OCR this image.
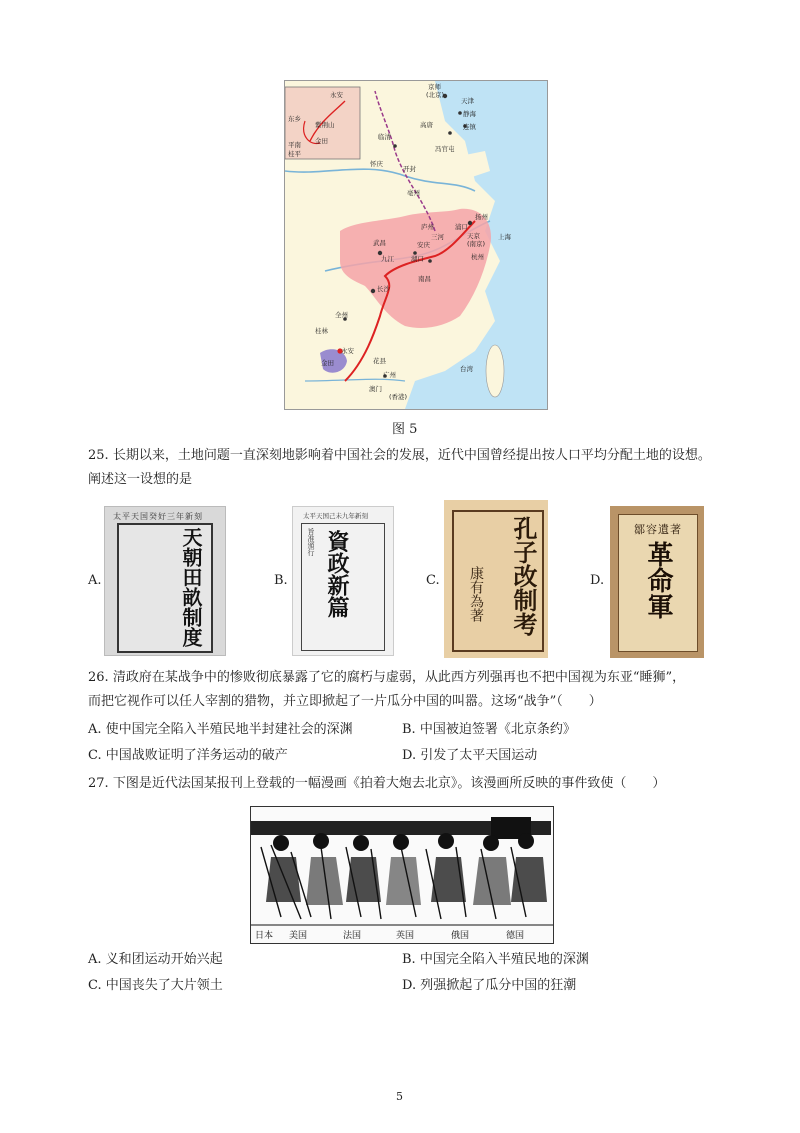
永安
东乡
紫荆山
金田
平南
桂平
京师
(北京)
天津
静海
连镇
临清
高唐
冯官屯
怀庆
开封
亳州
扬州
庐州	浦口
三河	天京
(南京)
上海
武昌	安庆
杭州
九江	湖口
南昌
长沙
全州
桂林
永安
金田	花县
广州
澳门
(香港)
台湾
图 5
25. 长期以来，土地问题一直深刻地影响着中国社会的发展，近代中国曾经提出按人口平均分配土地的设想。
阐述这一设想的是
A.
太平天国癸好三年新刻
天朝田畝制度	B.
太平天国己未九年新刻
旨准頒行 資政新篇	C.	孔子改制考
康有為著	D.
鄒容遺著
革命軍
26. 清政府在某战争中的惨败彻底暴露了它的腐朽与虚弱，从此西方列强再也不把中国视为东亚“睡狮”，
而把它视作可以任人宰割的猎物，并立即掀起了一片瓜分中国的叫嚣。这场“战争”（　　）
A. 使中国完全陷入半殖民地半封建社会的深渊	B. 中国被迫签署《北京条约》
C. 中国战败证明了洋务运动的破产	D. 引发了太平天国运动
27. 下图是近代法国某报刊上登载的一幅漫画《拍着大炮去北京》。该漫画所反映的事件致使（　　）
日本 美国	法国	英国	俄国	德国
A. 义和团运动开始兴起	B. 中国完全陷入半殖民地的深渊
C. 中国丧失了大片领土	D. 列强掀起了瓜分中国的狂潮
5
